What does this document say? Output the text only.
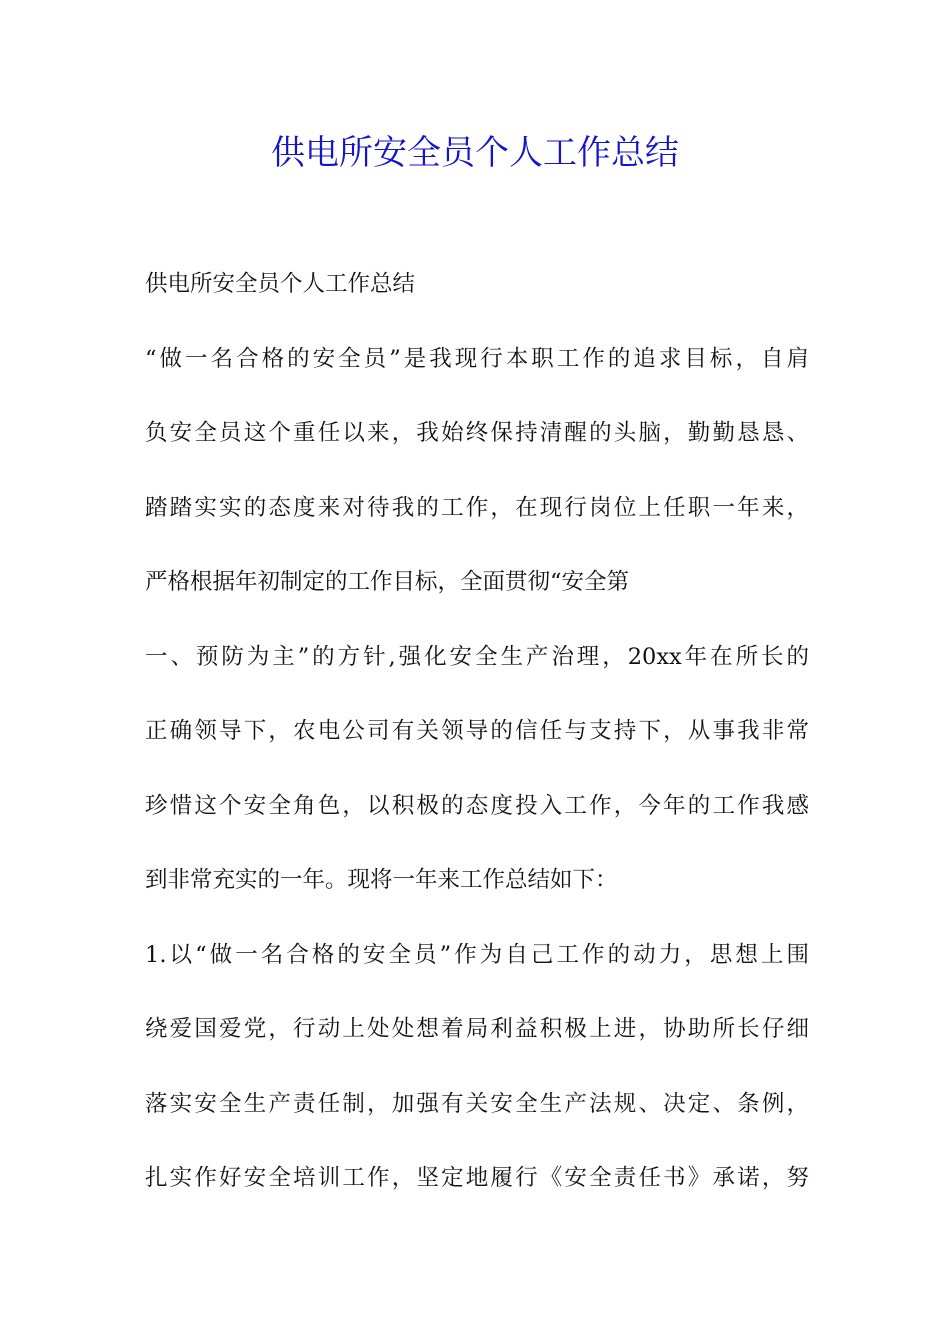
供电所安全员个人工作总结
供电所安全员个人工作总结
“做一名合格的安全员”是我现行本职工作的追求目标，自肩
负安全员这个重任以来，我始终保持清醒的头脑，勤勤恳恳、
踏踏实实的态度来对待我的工作，在现行岗位上任职一年来，
严格根据年初制定的工作目标，全面贯彻“安全第
一、预防为主”的方针,强化安全生产治理，20xx年在所长的
正确领导下，农电公司有关领导的信任与支持下，从事我非常
珍惜这个安全角色，以积极的态度投入工作，今年的工作我感
到非常充实的一年。现将一年来工作总结如下：
1.以“做一名合格的安全员”作为自己工作的动力，思想上围
绕爱国爱党，行动上处处想着局利益积极上进，协助所长仔细
落实安全生产责任制，加强有关安全生产法规、决定、条例，
扎实作好安全培训工作，坚定地履行《安全责任书》承诺，努
